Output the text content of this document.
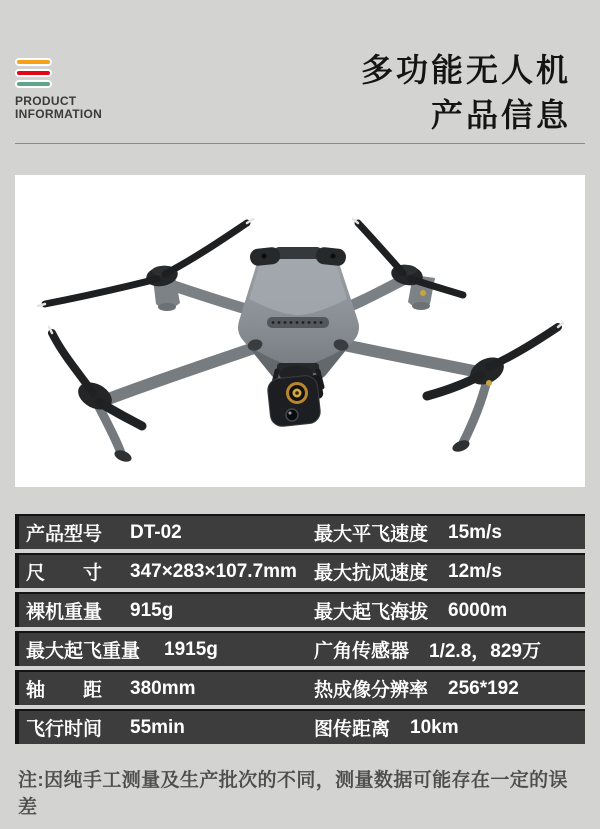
PRODUCT
INFORMATION
多功能无人机
产品信息
产品型号 DT-02	最大平飞速度 15m/s
尺　　寸 347×283×107.7mm 最大抗风速度 12m/s
裸机重量 915g	最大起飞海拔 6000m
最大起飞重量 1915g	广角传感器 1/2.8，829万
轴　　距 380mm	热成像分辨率 256*192
飞行时间 55min	图传距离 10km
注:因纯手工测量及生产批次的不同，测量数据可能存在一定的误差
